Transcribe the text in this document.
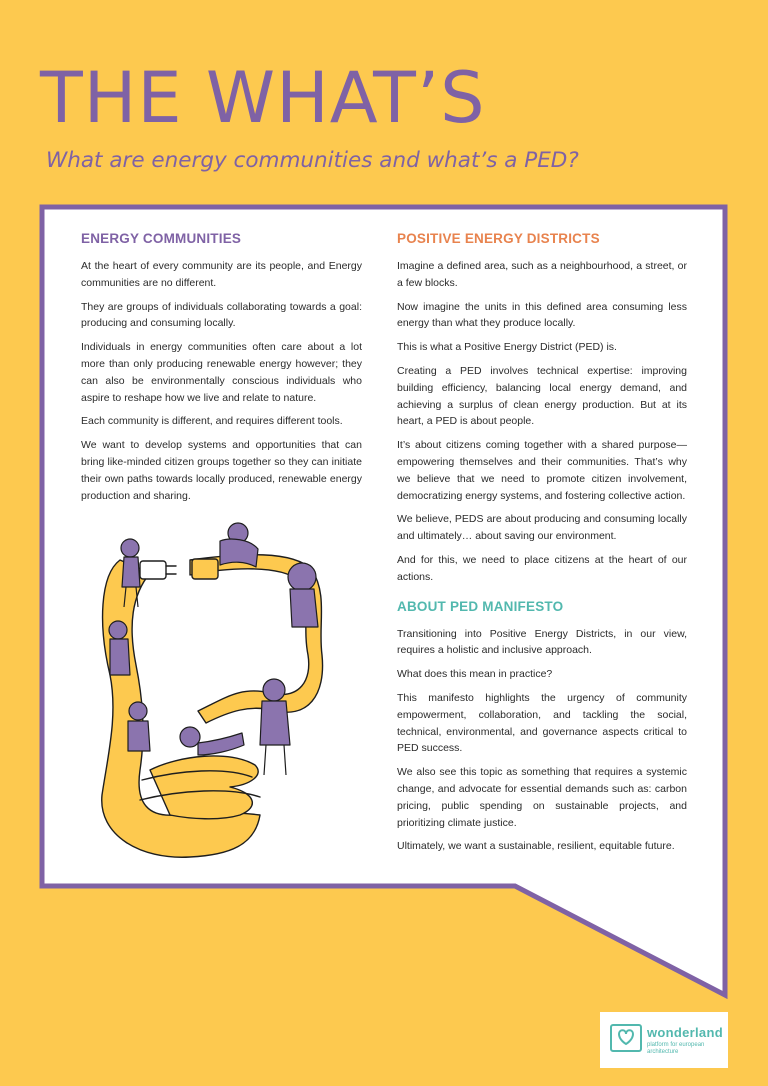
THE WHAT’S

What are energy communities and what’s a PED?

ENERGY COMMUNITIES

At the heart of every community are its people, and Energy communities are no different.

They are groups of individuals collaborating towards a goal: producing and consuming locally.

Individuals in energy communities often care about a lot more than only producing renewable energy however; they can also be environmentally conscious individuals who aspire to reshape how we live and relate to nature.

Each community is different, and requires different tools.

We want to develop systems and opportunities that can bring like-minded citizen groups together so they can initiate their own paths towards locally produced, renewable energy production and sharing.

POSITIVE ENERGY DISTRICTS

Imagine a defined area, such as a neighbourhood, a street, or a few blocks.

Now imagine the units in this defined area consuming less energy than what they produce locally.

This is what a Positive Energy District (PED) is.

Creating a PED involves technical expertise: improving building efficiency, balancing local energy demand, and achieving a surplus of clean energy production. But at its heart, a PED is about people.

It’s about citizens coming together with a shared purpose—empowering themselves and their communities. That’s why we believe that we need to promote citizen involvement, democratizing energy systems, and fostering collective action.

We believe, PEDS are about producing and consuming locally and ultimately… about saving our environment.

And for this, we need to place citizens at the heart of our actions.

ABOUT PED MANIFESTO

Transitioning into Positive Energy Districts, in our view, requires a holistic and inclusive approach.

What does this mean in practice?

This manifesto highlights the urgency of community empowerment, collaboration, and tackling the social, technical, environmental, and governance aspects critical to PED success.

We also see this topic as something that requires a systemic change, and advocate for essential demands such as: carbon pricing, public spending on sustainable projects, and prioritizing climate justice.

Ultimately, we want a sustainable, resilient, equitable future.

wonderland
platform for european architecture
